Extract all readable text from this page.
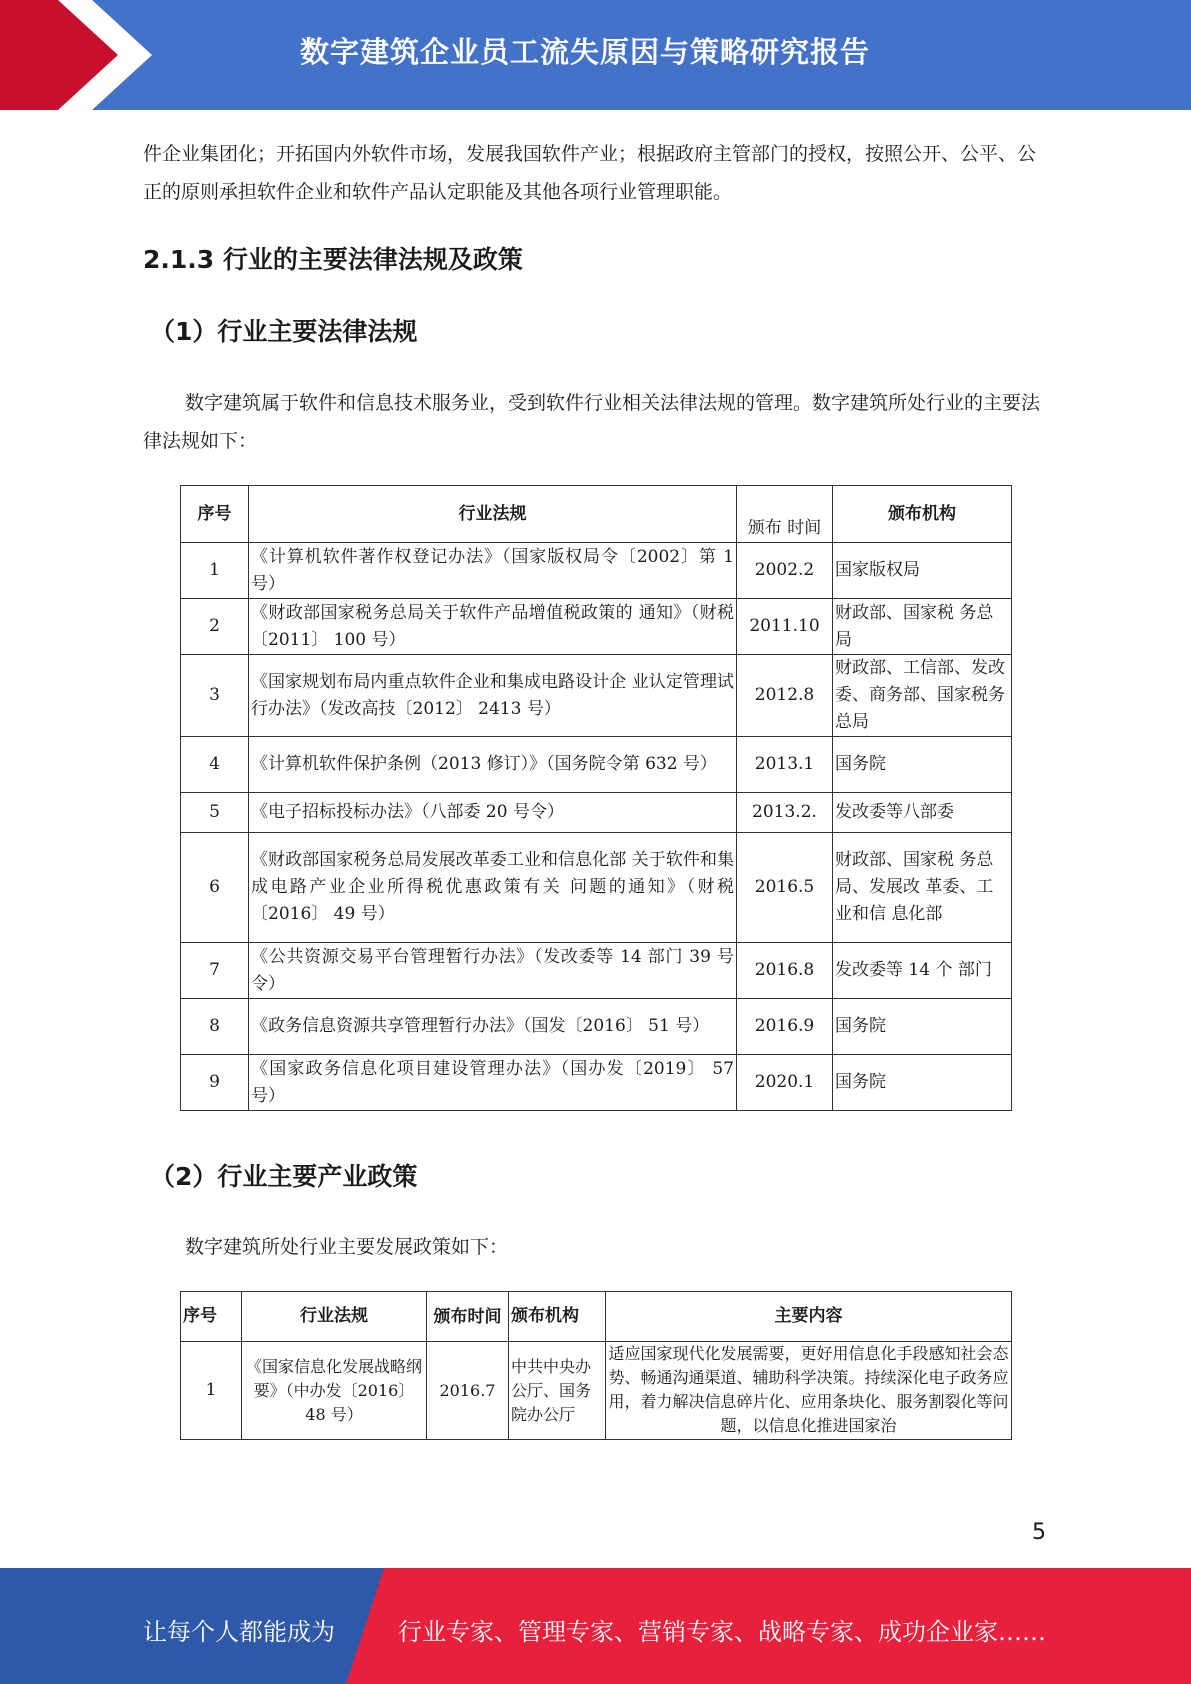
数字建筑企业员工流失原因与策略研究报告
件企业集团化；开拓国内外软件市场，发展我国软件产业；根据政府主管部门的授权，按照公开、公平、公正的原则承担软件企业和软件产品认定职能及其他各项行业管理职能。
2.1.3 行业的主要法律法规及政策
（1）行业主要法律法规
数字建筑属于软件和信息技术服务业，受到软件行业相关法律法规的管理。数字建筑所处行业的主要法律法规如下：
序号	行业法规	颁布 时间	颁布机构
1	《计算机软件著作权登记办法》（国家版权局令〔2002〕第 1 号）	2002.2	国家版权局
2	《财政部国家税务总局关于软件产品增值税政策的 通知》（财税〔2011〕 100 号）	2011.10	财政部、国家税 务总局
3	《国家规划布局内重点软件企业和集成电路设计企 业认定管理试行办法》（发改高技〔2012〕 2413 号）	2012.8	财政部、工信部、发改委、商务部、国家税务总局
4	《计算机软件保护条例（2013 修订）》（国务院令第 632 号）	2013.1	国务院
5	《电子招标投标办法》（八部委 20 号令）	2013.2.	发改委等八部委
6	《财政部国家税务总局发展改革委工业和信息化部 关于软件和集成电路产业企业所得税优惠政策有关 问题的通知》（财税〔2016〕 49 号）	2016.5	财政部、国家税 务总局、发展改 革委、工业和信 息化部
7	《公共资源交易平台管理暂行办法》（发改委等 14 部门 39 号令）	2016.8	发改委等 14 个 部门
8	《政务信息资源共享管理暂行办法》（国发〔2016〕 51 号）	2016.9	国务院
9	《国家政务信息化项目建设管理办法》（国办发〔2019〕 57 号）	2020.1	国务院
（2）行业主要产业政策
数字建筑所处行业主要发展政策如下：
序号	行业法规	颁布时间	颁布机构	主要内容
1	《国家信息化发展战略纲要》（中办发〔2016〕 48 号）	2016.7	中共中央办公厅、国务院办公厅	适应国家现代化发展需要，更好用信息化手段感知社会态势、畅通沟通渠道、辅助科学决策。持续深化电子政务应用，着力解决信息碎片化、应用条块化、服务割裂化等问题，以信息化推进国家治
5
让每个人都能成为	行业专家、管理专家、营销专家、战略专家、成功企业家……
